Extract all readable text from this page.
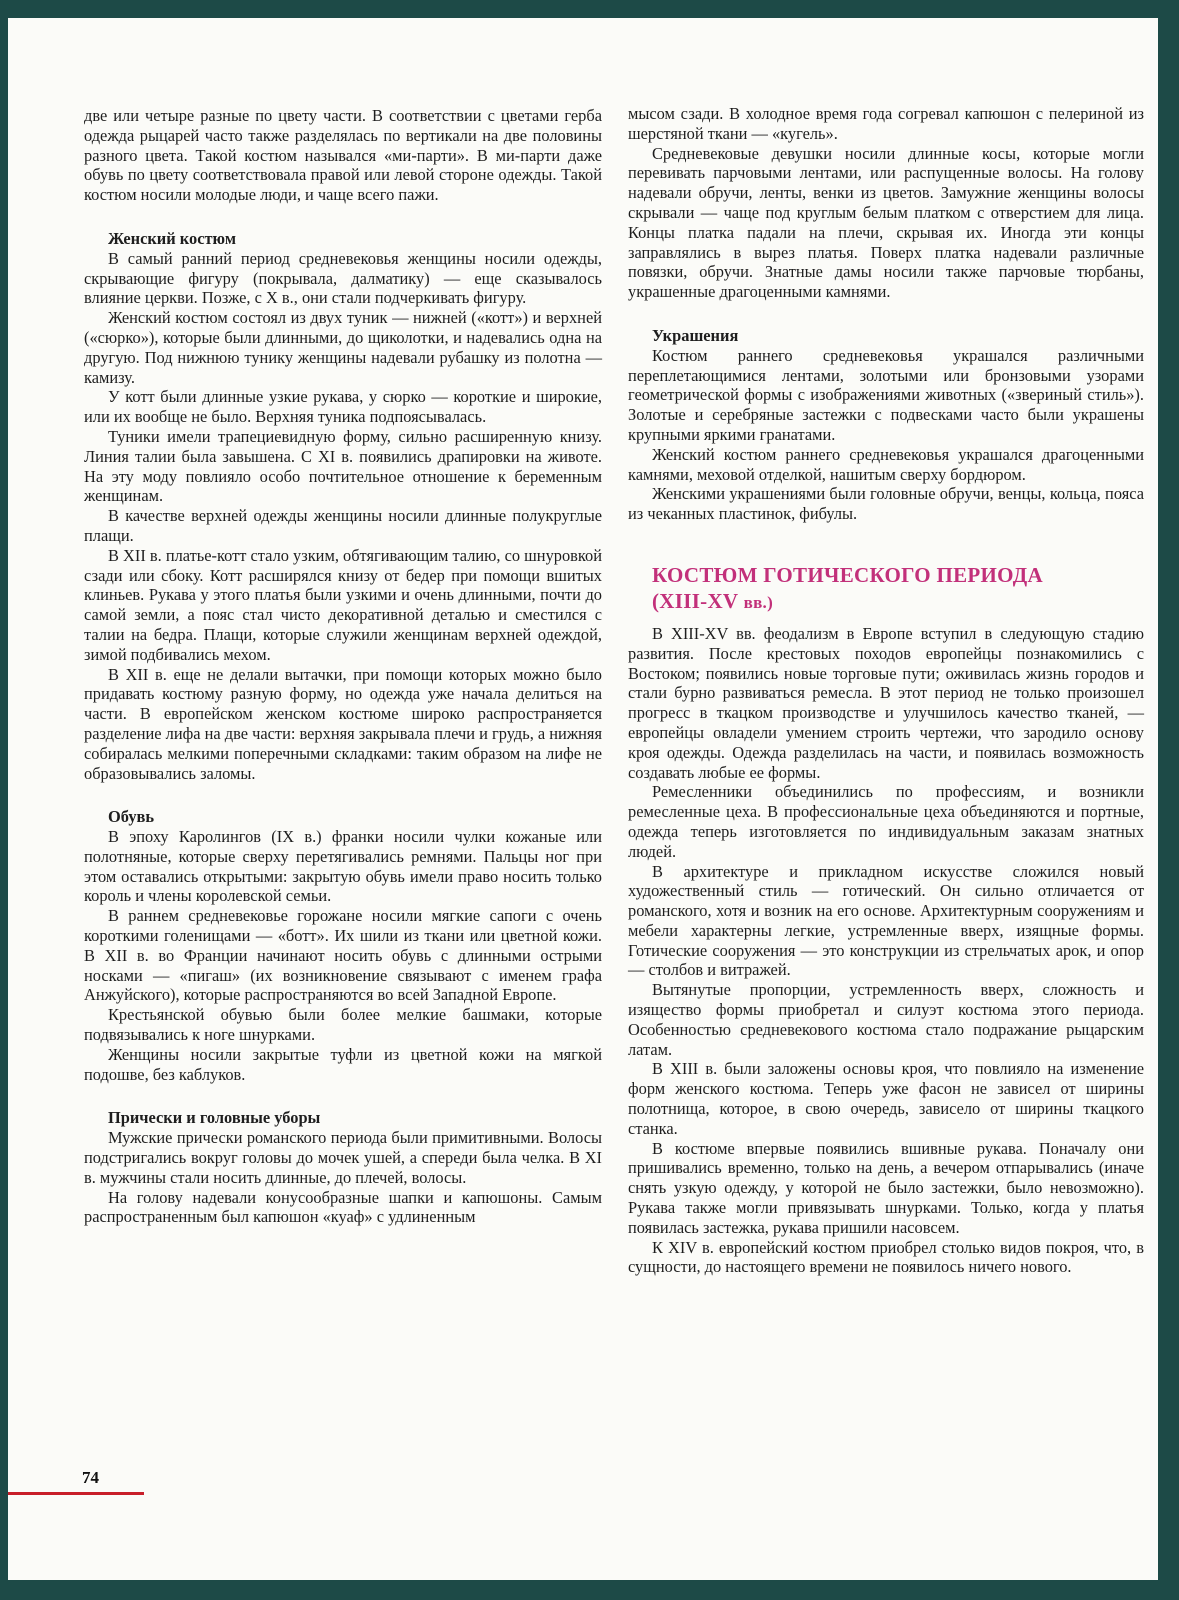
две или четыре разные по цвету части. В соответствии с цветами герба одежда рыцарей часто также разделялась по вертикали на две половины разного цвета. Такой костюм назывался «ми-парти». В ми-парти даже обувь по цвету соответствовала правой или левой стороне одежды. Такой костюм носили молодые люди, и чаще всего пажи.

Женский костюм

В самый ранний период средневековья женщины носили одежды, скрывающие фигуру (покрывала, далматику) — еще сказывалось влияние церкви. Позже, с X в., они стали подчеркивать фигуру.

Женский костюм состоял из двух туник — нижней («котт») и верхней («сюрко»), которые были длинными, до щиколотки, и надевались одна на другую. Под нижнюю тунику женщины надевали рубашку из полотна — камизу.

У котт были длинные узкие рукава, у сюрко — короткие и широкие, или их вообще не было. Верхняя туника подпоясывалась.

Туники имели трапециевидную форму, сильно расширенную книзу. Линия талии была завышена. С XI в. появились драпировки на животе. На эту моду повлияло особо почтительное отношение к беременным женщинам.

В качестве верхней одежды женщины носили длинные полукруглые плащи.

В XII в. платье-котт стало узким, обтягивающим талию, со шнуровкой сзади или сбоку. Котт расширялся книзу от бедер при помощи вшитых клиньев. Рукава у этого платья были узкими и очень длинными, почти до самой земли, а пояс стал чисто декоративной деталью и сместился с талии на бедра. Плащи, которые служили женщинам верхней одеждой, зимой подбивались мехом.

В XII в. еще не делали вытачки, при помощи которых можно было придавать костюму разную форму, но одежда уже начала делиться на части. В европейском женском костюме широко распространяется разделение лифа на две части: верхняя закрывала плечи и грудь, а нижняя собиралась мелкими поперечными складками: таким образом на лифе не образовывались заломы.

Обувь

В эпоху Каролингов (IX в.) франки носили чулки кожаные или полотняные, которые сверху перетягивались ремнями. Пальцы ног при этом оставались открытыми: закрытую обувь имели право носить только король и члены королевской семьи.

В раннем средневековье горожане носили мягкие сапоги с очень короткими голенищами — «ботт». Их шили из ткани или цветной кожи. В XII в. во Франции начинают носить обувь с длинными острыми носками — «пигаш» (их возникновение связывают с именем графа Анжуйского), которые распространяются во всей Западной Европе.

Крестьянской обувью были более мелкие башмаки, которые подвязывались к ноге шнурками.

Женщины носили закрытые туфли из цветной кожи на мягкой подошве, без каблуков.

Прически и головные уборы

Мужские прически романского периода были примитивными. Волосы подстригались вокруг головы до мочек ушей, а спереди была челка. В XI в. мужчины стали носить длинные, до плечей, волосы.

На голову надевали конусообразные шапки и капюшоны. Самым распространенным был капюшон «куаф» с удлиненным

мысом сзади. В холодное время года согревал капюшон с пелериной из шерстяной ткани — «кугель».

Средневековые девушки носили длинные косы, которые могли перевивать парчовыми лентами, или распущенные волосы. На голову надевали обручи, ленты, венки из цветов. Замужние женщины волосы скрывали — чаще под круглым белым платком с отверстием для лица. Концы платка падали на плечи, скрывая их. Иногда эти концы заправлялись в вырез платья. Поверх платка надевали различные повязки, обручи. Знатные дамы носили также парчовые тюрбаны, украшенные драгоценными камнями.

Украшения

Костюм раннего средневековья украшался различными переплетающимися лентами, золотыми или бронзовыми узорами геометрической формы с изображениями животных («звериный стиль»). Золотые и серебряные застежки с подвесками часто были украшены крупными яркими гранатами.

Женский костюм раннего средневековья украшался драгоценными камнями, меховой отделкой, нашитым сверху бордюром.

Женскими украшениями были головные обручи, венцы, кольца, пояса из чеканных пластинок, фибулы.

КОСТЮМ ГОТИЧЕСКОГО ПЕРИОДА
(XIII-XV вв.)

В XIII-XV вв. феодализм в Европе вступил в следующую стадию развития. После крестовых походов европейцы познакомились с Востоком; появились новые торговые пути; оживилась жизнь городов и стали бурно развиваться ремесла. В этот период не только произошел прогресс в ткацком производстве и улучшилось качество тканей, — европейцы овладели умением строить чертежи, что зародило основу кроя одежды. Одежда разделилась на части, и появилась возможность создавать любые ее формы.

Ремесленники объединились по профессиям, и возникли ремесленные цеха. В профессиональные цеха объединяются и портные, одежда теперь изготовляется по индивидуальным заказам знатных людей.

В архитектуре и прикладном искусстве сложился новый художественный стиль — готический. Он сильно отличается от романского, хотя и возник на его основе. Архитектурным сооружениям и мебели характерны легкие, устремленные вверх, изящные формы. Готические сооружения — это конструкции из стрельчатых арок, и опор — столбов и витражей.

Вытянутые пропорции, устремленность вверх, сложность и изящество формы приобретал и силуэт костюма этого периода. Особенностью средневекового костюма стало подражание рыцарским латам.

В XIII в. были заложены основы кроя, что повлияло на изменение форм женского костюма. Теперь уже фасон не зависел от ширины полотнища, которое, в свою очередь, зависело от ширины ткацкого станка.

В костюме впервые появились вшивные рукава. Поначалу они пришивались временно, только на день, а вечером отпарывались (иначе снять узкую одежду, у которой не было застежки, было невозможно). Рукава также могли привязывать шнурками. Только, когда у платья появилась застежка, рукава пришили насовсем.

К XIV в. европейский костюм приобрел столько видов покроя, что, в сущности, до настоящего времени не появилось ничего нового.

74
